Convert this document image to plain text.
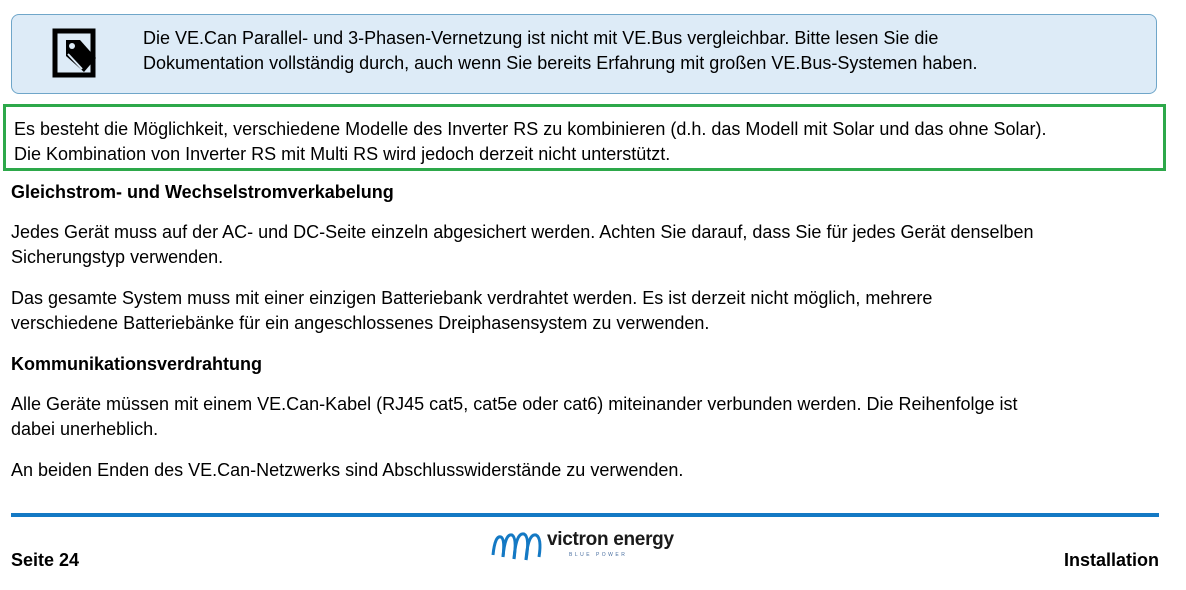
Die VE.Can Parallel- und 3-Phasen-Vernetzung ist nicht mit VE.Bus vergleichbar. Bitte lesen Sie die
Dokumentation vollständig durch, auch wenn Sie bereits Erfahrung mit großen VE.Bus-Systemen haben.

Es besteht die Möglichkeit, verschiedene Modelle des Inverter RS zu kombinieren (d.h. das Modell mit Solar und das ohne Solar).
Die Kombination von Inverter RS mit Multi RS wird jedoch derzeit nicht unterstützt.

Gleichstrom- und Wechselstromverkabelung

Jedes Gerät muss auf der AC- und DC-Seite einzeln abgesichert werden. Achten Sie darauf, dass Sie für jedes Gerät denselben
Sicherungstyp verwenden.

Das gesamte System muss mit einer einzigen Batteriebank verdrahtet werden. Es ist derzeit nicht möglich, mehrere
verschiedene Batteriebänke für ein angeschlossenes Dreiphasensystem zu verwenden.

Kommunikationsverdrahtung

Alle Geräte müssen mit einem VE.Can-Kabel (RJ45 cat5, cat5e oder cat6) miteinander verbunden werden. Die Reihenfolge ist
dabei unerheblich.

An beiden Enden des VE.Can-Netzwerks sind Abschlusswiderstände zu verwenden.

Seite 24
victron energy
BLUE POWER	Installation
